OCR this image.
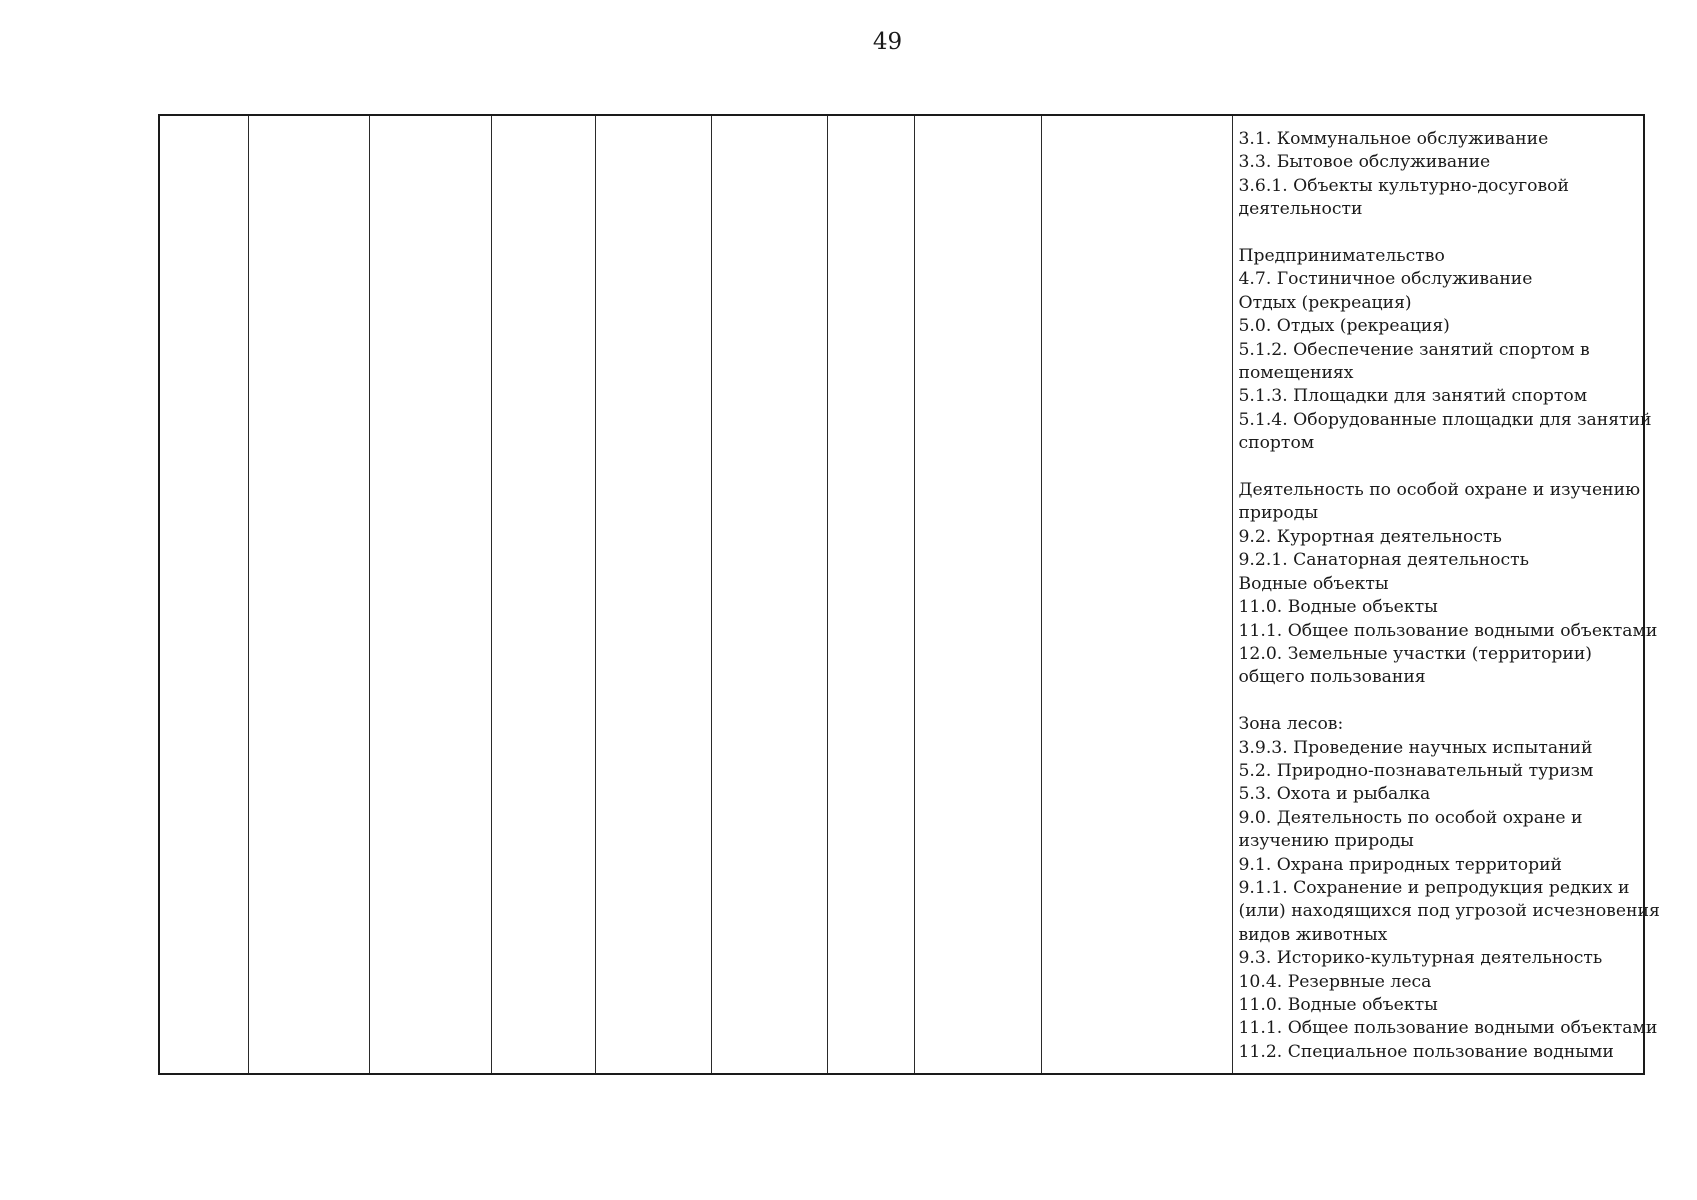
49

3.1. Коммунальное обслуживание
3.3. Бытовое обслуживание
3.6.1. Объекты культурно-досуговой
деятельности
Предпринимательство
4.7. Гостиничное обслуживание
Отдых (рекреация)
5.0. Отдых (рекреация)
5.1.2. Обеспечение занятий спортом в
помещениях
5.1.3. Площадки для занятий спортом
5.1.4. Оборудованные площадки для занятий
спортом
Деятельность по особой охране и изучению
природы
9.2. Курортная деятельность
9.2.1. Санаторная деятельность
Водные объекты
11.0. Водные объекты
11.1. Общее пользование водными объектами
12.0. Земельные участки (территории)
общего пользования
Зона лесов:
3.9.3. Проведение научных испытаний
5.2. Природно-познавательный туризм
5.3. Охота и рыбалка
9.0. Деятельность по особой охране и
изучению природы
9.1. Охрана природных территорий
9.1.1. Сохранение и репродукция редких и
(или) находящихся под угрозой исчезновения
видов животных
9.3. Историко-культурная деятельность
10.4. Резервные леса
11.0. Водные объекты
11.1. Общее пользование водными объектами
11.2. Специальное пользование водными
